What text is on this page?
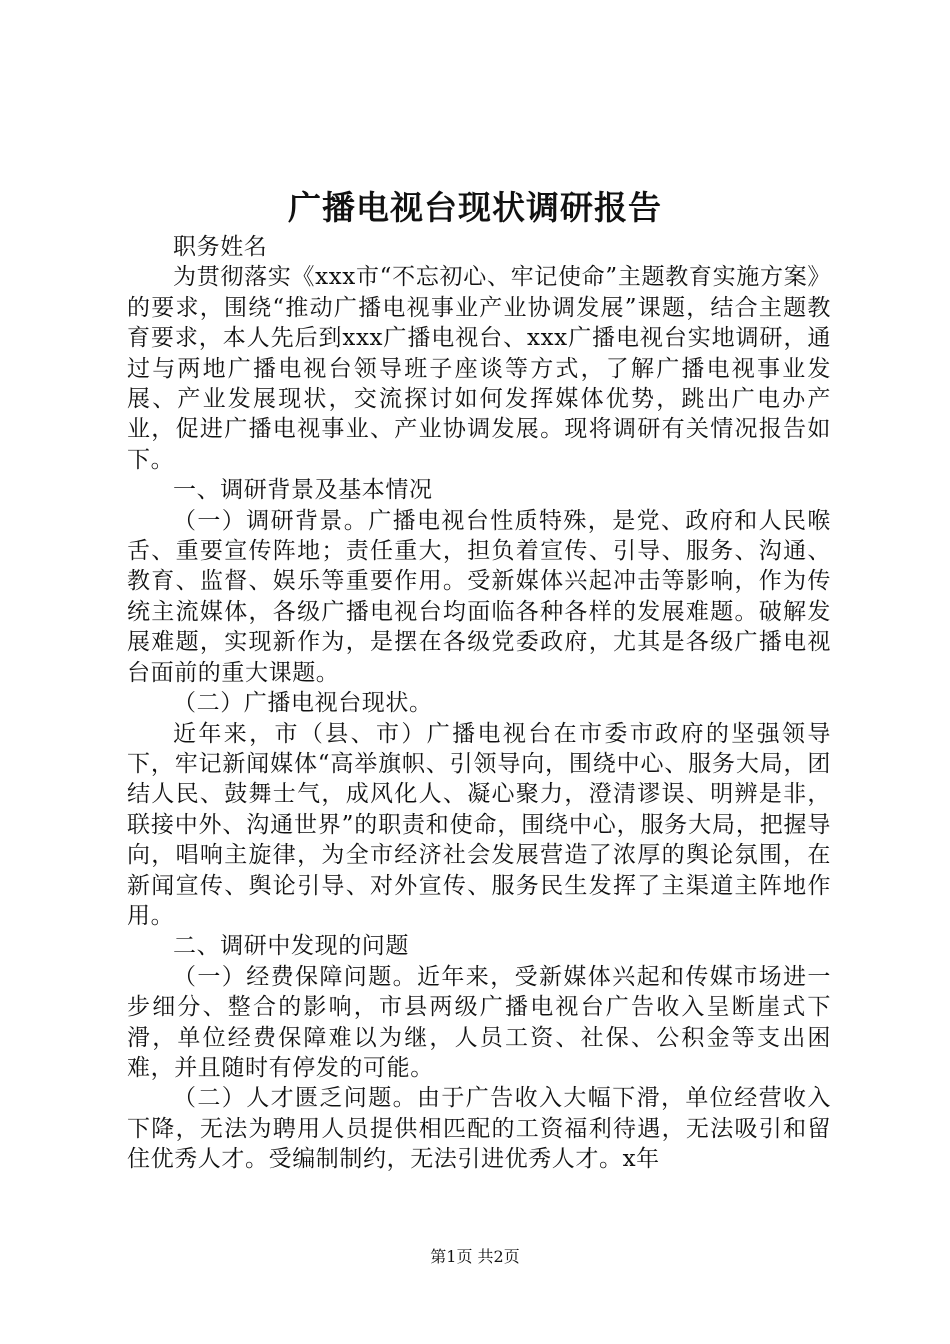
广播电视台现状调研报告

职务姓名

为贯彻落实《xxx市“不忘初心、牢记使命”主题教育实施方案》的要求，围绕“推动广播电视事业产业协调发展”课题，结合主题教育要求，本人先后到xxx广播电视台、xxx广播电视台实地调研，通过与两地广播电视台领导班子座谈等方式，了解广播电视事业发展、产业发展现状，交流探讨如何发挥媒体优势，跳出广电办产业，促进广播电视事业、产业协调发展。现将调研有关情况报告如下。

一、调研背景及基本情况

（一）调研背景。广播电视台性质特殊，是党、政府和人民喉舌、重要宣传阵地；责任重大，担负着宣传、引导、服务、沟通、教育、监督、娱乐等重要作用。受新媒体兴起冲击等影响，作为传统主流媒体，各级广播电视台均面临各种各样的发展难题。破解发展难题，实现新作为，是摆在各级党委政府，尤其是各级广播电视台面前的重大课题。

（二）广播电视台现状。

近年来，市（县、市）广播电视台在市委市政府的坚强领导下，牢记新闻媒体“高举旗帜、引领导向，围绕中心、服务大局，团结人民、鼓舞士气，成风化人、凝心聚力，澄清谬误、明辨是非，联接中外、沟通世界”的职责和使命，围绕中心，服务大局，把握导向，唱响主旋律，为全市经济社会发展营造了浓厚的舆论氛围，在新闻宣传、舆论引导、对外宣传、服务民生发挥了主渠道主阵地作用。

二、调研中发现的问题

（一）经费保障问题。近年来，受新媒体兴起和传媒市场进一步细分、整合的影响，市县两级广播电视台广告收入呈断崖式下滑，单位经费保障难以为继，人员工资、社保、公积金等支出困难，并且随时有停发的可能。

（二）人才匮乏问题。由于广告收入大幅下滑，单位经营收入下降，无法为聘用人员提供相匹配的工资福利待遇，无法吸引和留住优秀人才。受编制制约，无法引进优秀人才。x年

第1页 共2页
